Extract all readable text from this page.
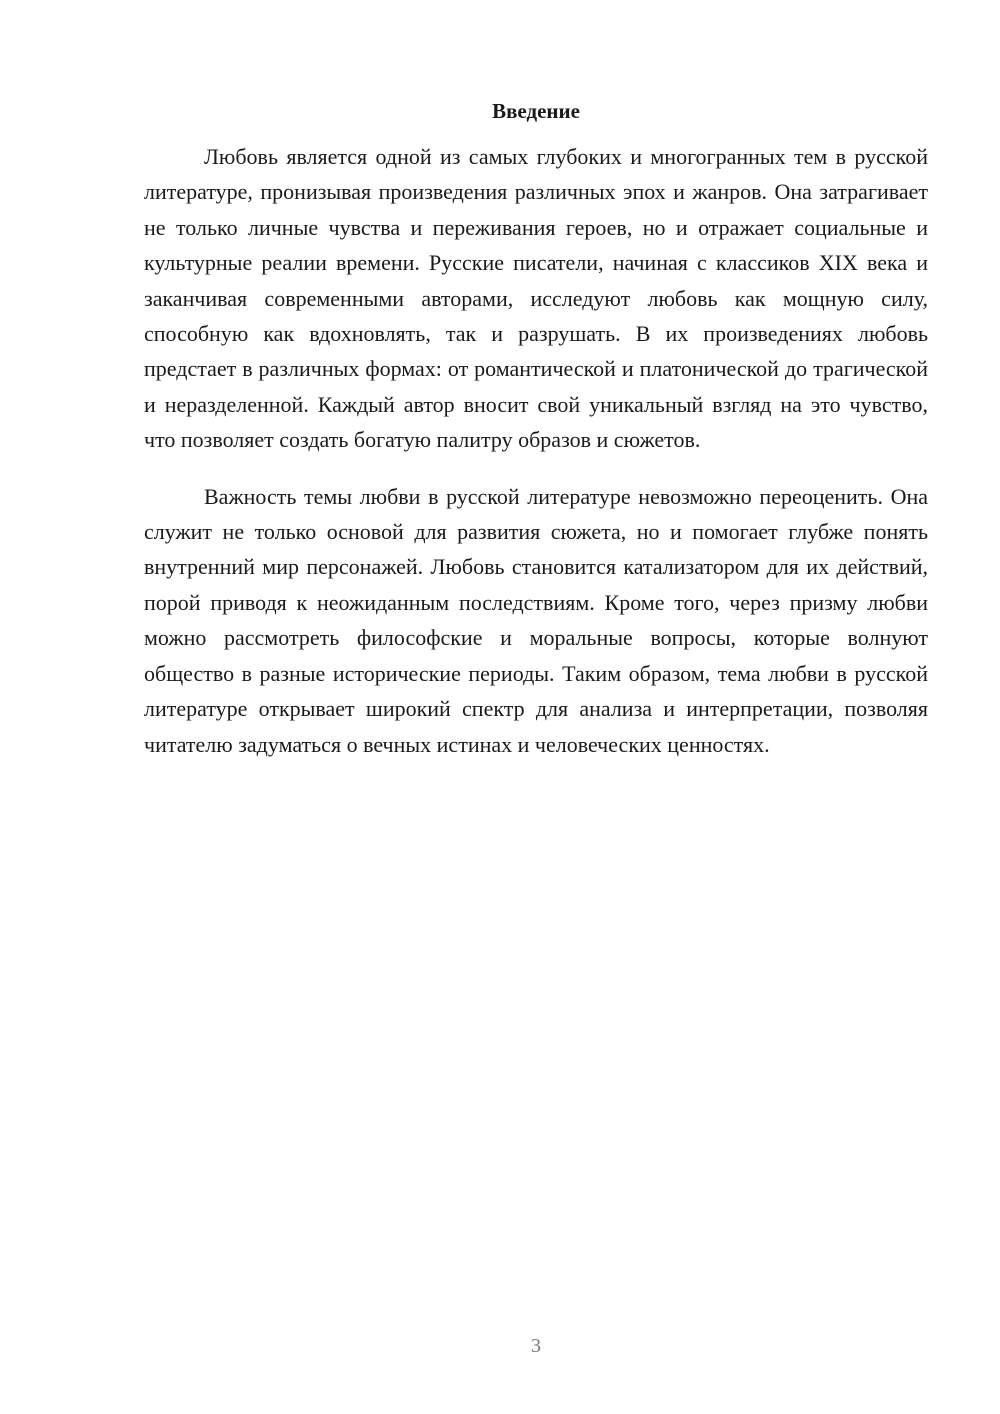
Введение

Любовь является одной из самых глубоких и многогранных тем в русской литературе, пронизывая произведения различных эпох и жанров. Она затрагивает не только личные чувства и переживания героев, но и отражает социальные и культурные реалии времени. Русские писатели, начиная с классиков XIX века и заканчивая современными авторами, исследуют любовь как мощную силу, способную как вдохновлять, так и разрушать. В их произведениях любовь предстает в различных формах: от романтической и платонической до трагической и неразделенной. Каждый автор вносит свой уникальный взгляд на это чувство, что позволяет создать богатую палитру образов и сюжетов.

Важность темы любви в русской литературе невозможно переоценить. Она служит не только основой для развития сюжета, но и помогает глубже понять внутренний мир персонажей. Любовь становится катализатором для их действий, порой приводя к неожиданным последствиям. Кроме того, через призму любви можно рассмотреть философские и моральные вопросы, которые волнуют общество в разные исторические периоды. Таким образом, тема любви в русской литературе открывает широкий спектр для анализа и интерпретации, позволяя читателю задуматься о вечных истинах и человеческих ценностях.

3
